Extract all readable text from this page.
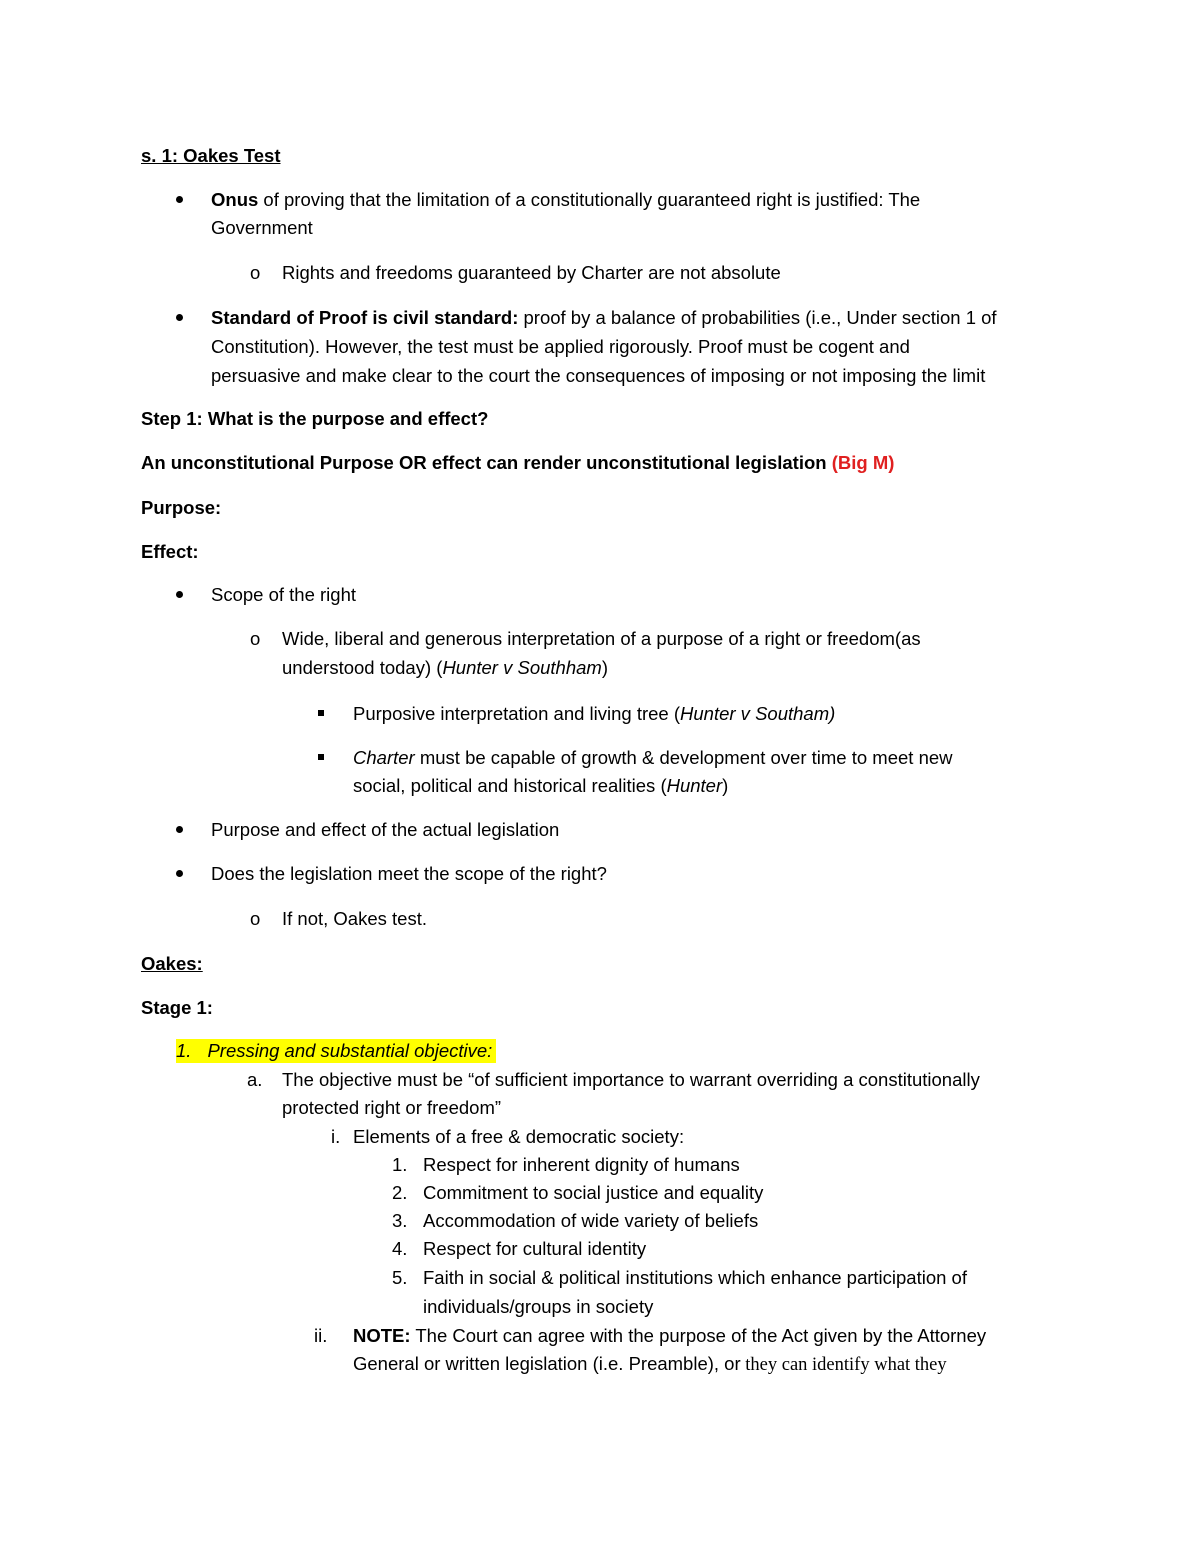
s. 1: Oakes Test
Onus of proving that the limitation of a constitutionally guaranteed right is justified: The
Government
o Rights and freedoms guaranteed by Charter are not absolute
Standard of Proof is civil standard: proof by a balance of probabilities (i.e., Under section 1 of
Constitution). However, the test must be applied rigorously. Proof must be cogent and
persuasive and make clear to the court the consequences of imposing or not imposing the limit
Step 1: What is the purpose and effect?
An unconstitutional Purpose OR effect can render unconstitutional legislation (Big M)
Purpose:
Effect:
Scope of the right
o Wide, liberal and generous interpretation of a purpose of a right or freedom(as
understood today) (Hunter v Southham)
Purposive interpretation and living tree (Hunter v Southam)
Charter must be capable of growth & development over time to meet new
social, political and historical realities (Hunter)
Purpose and effect of the actual legislation
Does the legislation meet the scope of the right?
o If not, Oakes test.
Oakes:
Stage 1:
1. Pressing and substantial objective:
a. The objective must be “of sufficient importance to warrant overriding a constitutionally
protected right or freedom”
i. Elements of a free & democratic society:
1. Respect for inherent dignity of humans
2. Commitment to social justice and equality
3. Accommodation of wide variety of beliefs
4. Respect for cultural identity
5. Faith in social & political institutions which enhance participation of
individuals/groups in society
ii. NOTE: The Court can agree with the purpose of the Act given by the Attorney
General or written legislation (i.e. Preamble), or they can identify what they
